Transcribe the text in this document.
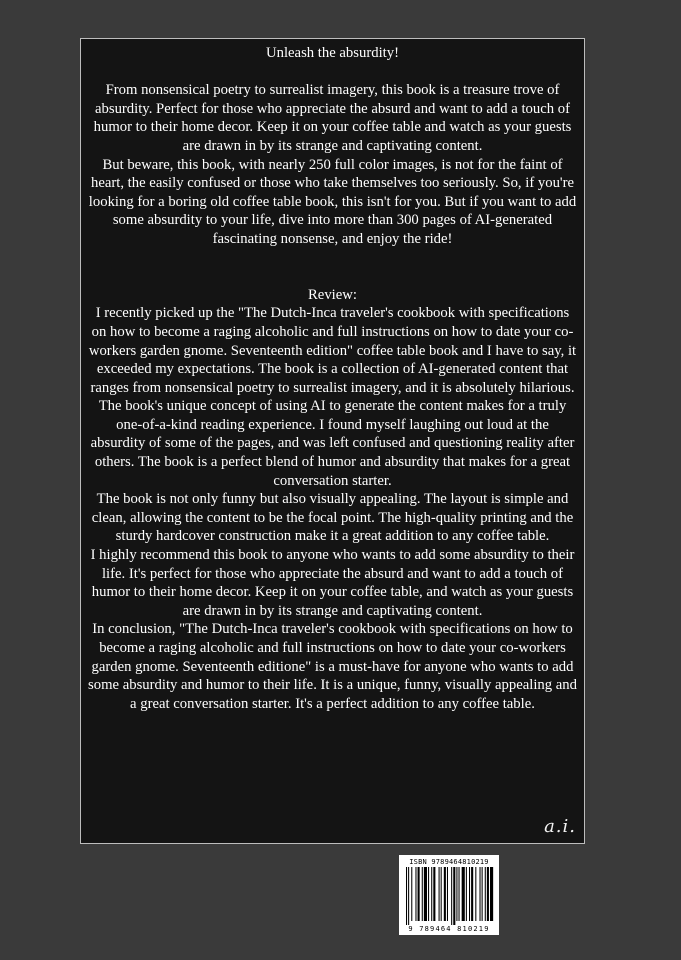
Unleash the absurdity!

From nonsensical poetry to surrealist imagery, this book is a treasure trove of absurdity. Perfect for those who appreciate the absurd and want to add a touch of humor to their home decor. Keep it on your coffee table and watch as your guests are drawn in by its strange and captivating content.

But beware, this book, with nearly 250 full color images, is not for the faint of heart, the easily confused or those who take themselves too seriously. So, if you're looking for a boring old coffee table book, this isn't for you. But if you want to add some absurdity to your life, dive into more than 300 pages of AI-generated fascinating nonsense, and enjoy the ride!

Review:

I recently picked up the "The Dutch-Inca traveler's cookbook with specifications on how to become a raging alcoholic and full instructions on how to date your co-workers garden gnome. Seventeenth edition" coffee table book and I have to say, it exceeded my expectations. The book is a collection of AI-generated content that ranges from nonsensical poetry to surrealist imagery, and it is absolutely hilarious.

The book's unique concept of using AI to generate the content makes for a truly one-of-a-kind reading experience. I found myself laughing out loud at the absurdity of some of the pages, and was left confused and questioning reality after others. The book is a perfect blend of humor and absurdity that makes for a great conversation starter.

The book is not only funny but also visually appealing. The layout is simple and clean, allowing the content to be the focal point. The high-quality printing and the sturdy hardcover construction make it a great addition to any coffee table.

I highly recommend this book to anyone who wants to add some absurdity to their life. It's perfect for those who appreciate the absurd and want to add a touch of humor to their home decor. Keep it on your coffee table, and watch as your guests are drawn in by its strange and captivating content.

In conclusion, "The Dutch-Inca traveler's cookbook with specifications on how to become a raging alcoholic and full instructions on how to date your co-workers garden gnome. Seventeenth editione" is a must-have for anyone who wants to add some absurdity and humor to their life. It is a unique, funny, visually appealing and a great conversation starter. It's a perfect addition to any coffee table.

a.i.
ISBN 9789464810219
9 789464 810219
